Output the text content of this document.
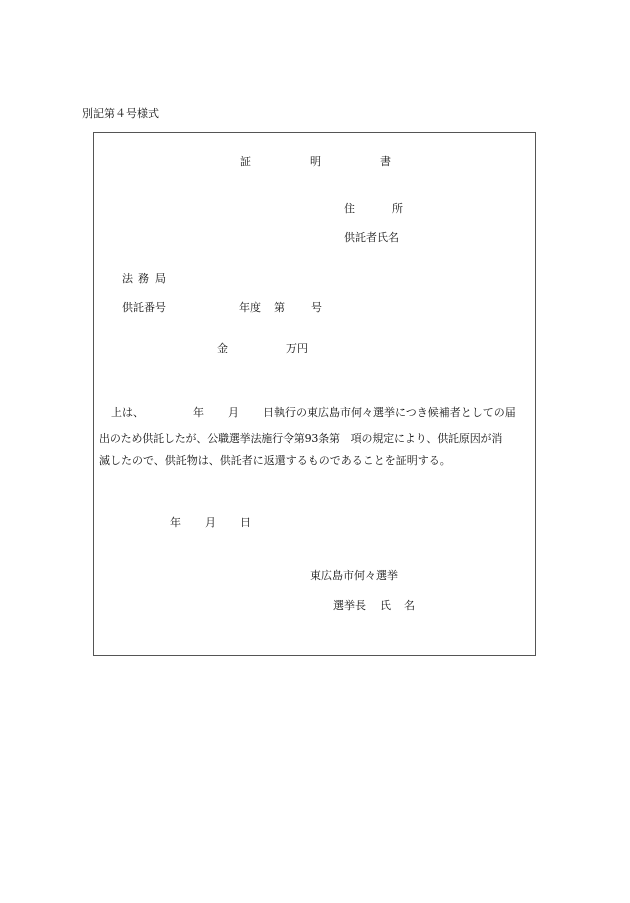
別記第４号様式
証	明	書
住	所
供託者氏名
法 務 局
供託番号	年度 第 号
金	万円
上は、	年 月 日執行の東広島市何々選挙につき候補者としての届
出のため供託したが、公職選挙法施行令第93条第　項の規定により、供託原因が消
滅したので、供託物は、供託者に返還するものであることを証明する。
年 月 日
東広島市何々選挙
選挙長 氏 名
